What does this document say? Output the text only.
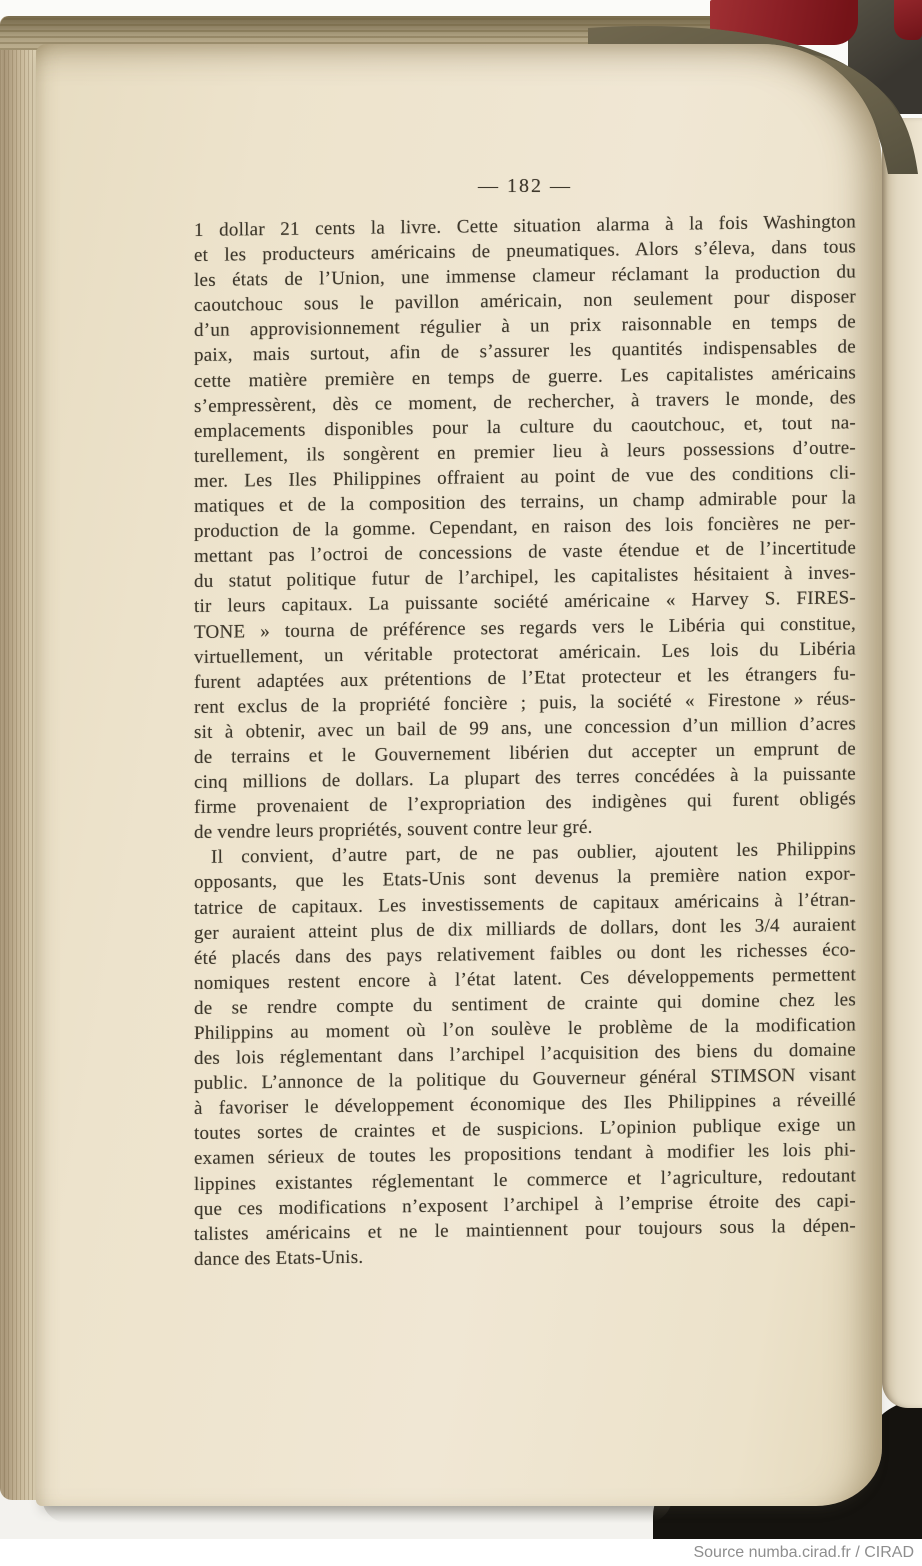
— 182 —
1 dollar 21 cents la livre. Cette situation alarma à la fois Washington
et les producteurs américains de pneumatiques. Alors s’éleva, dans tous
les états de l’Union, une immense clameur réclamant la production du
caoutchouc sous le pavillon américain, non seulement pour disposer
d’un approvisionnement régulier à un prix raisonnable en temps de
paix, mais surtout, afin de s’assurer les quantités indispensables de
cette matière première en temps de guerre. Les capitalistes américains
s’empressèrent, dès ce moment, de rechercher, à travers le monde, des
emplacements disponibles pour la culture du caoutchouc, et, tout na-
turellement, ils songèrent en premier lieu à leurs possessions d’outre-
mer. Les Iles Philippines offraient au point de vue des conditions cli-
matiques et de la composition des terrains, un champ admirable pour la
production de la gomme. Cependant, en raison des lois foncières ne per-
mettant pas l’octroi de concessions de vaste étendue et de l’incertitude
du statut politique futur de l’archipel, les capitalistes hésitaient à inves-
tir leurs capitaux. La puissante société américaine « Harvey S. FIRES-
TONE » tourna de préférence ses regards vers le Libéria qui constitue,
virtuellement, un véritable protectorat américain. Les lois du Libéria
furent adaptées aux prétentions de l’Etat protecteur et les étrangers fu-
rent exclus de la propriété foncière ; puis, la société « Firestone » réus-
sit à obtenir, avec un bail de 99 ans, une concession d’un million d’acres
de terrains et le Gouvernement libérien dut accepter un emprunt de
cinq millions de dollars. La plupart des terres concédées à la puissante
firme provenaient de l’expropriation des indigènes qui furent obligés
de vendre leurs propriétés, souvent contre leur gré.
Il convient, d’autre part, de ne pas oublier, ajoutent les Philippins
opposants, que les Etats-Unis sont devenus la première nation expor-
tatrice de capitaux. Les investissements de capitaux américains à l’étran-
ger auraient atteint plus de dix milliards de dollars, dont les 3/4 auraient
été placés dans des pays relativement faibles ou dont les richesses éco-
nomiques restent encore à l’état latent. Ces développements permettent
de se rendre compte du sentiment de crainte qui domine chez les
Philippins au moment où l’on soulève le problème de la modification
des lois réglementant dans l’archipel l’acquisition des biens du domaine
public. L’annonce de la politique du Gouverneur général STIMSON visant
à favoriser le développement économique des Iles Philippines a réveillé
toutes sortes de craintes et de suspicions. L’opinion publique exige un
examen sérieux de toutes les propositions tendant à modifier les lois phi-
lippines existantes réglementant le commerce et l’agriculture, redoutant
que ces modifications n’exposent l’archipel à l’emprise étroite des capi-
talistes américains et ne le maintiennent pour toujours sous la dépen-
dance des Etats-Unis.
Source numba.cirad.fr / CIRAD
